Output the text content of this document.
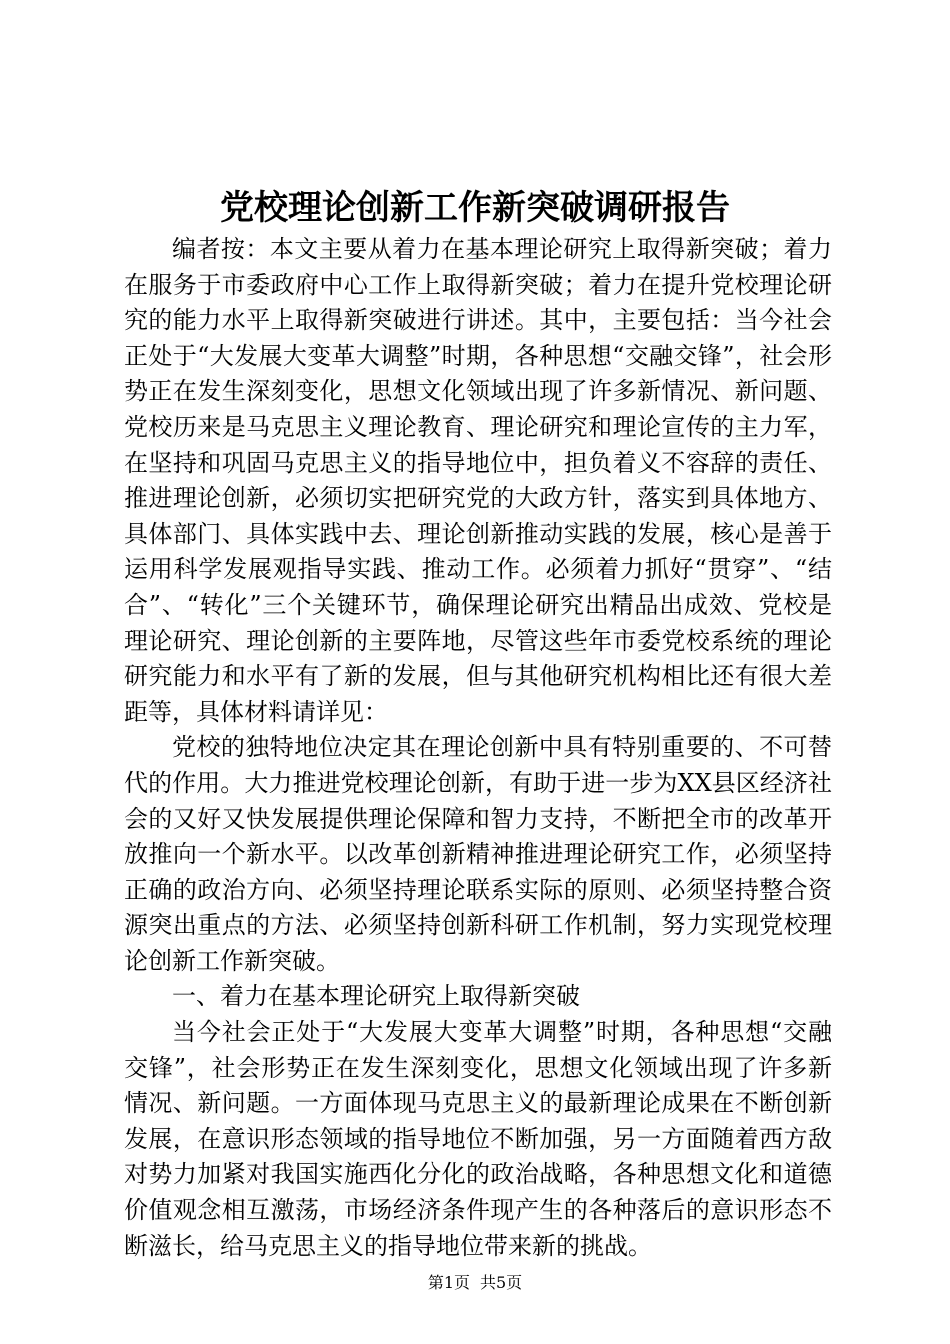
党校理论创新工作新突破调研报告

编者按：本文主要从着力在基本理论研究上取得新突破；着力在服务于市委政府中心工作上取得新突破；着力在提升党校理论研究的能力水平上取得新突破进行讲述。其中，主要包括：当今社会正处于“大发展大变革大调整”时期，各种思想“交融交锋”，社会形势正在发生深刻变化，思想文化领域出现了许多新情况、新问题、党校历来是马克思主义理论教育、理论研究和理论宣传的主力军，在坚持和巩固马克思主义的指导地位中，担负着义不容辞的责任、推进理论创新，必须切实把研究党的大政方针，落实到具体地方、具体部门、具体实践中去、理论创新推动实践的发展，核心是善于运用科学发展观指导实践、推动工作。必须着力抓好“贯穿”、“结合”、“转化”三个关键环节，确保理论研究出精品出成效、党校是理论研究、理论创新的主要阵地，尽管这些年市委党校系统的理论研究能力和水平有了新的发展，但与其他研究机构相比还有很大差距等，具体材料请详见：

党校的独特地位决定其在理论创新中具有特别重要的、不可替代的作用。大力推进党校理论创新，有助于进一步为XX县区经济社会的又好又快发展提供理论保障和智力支持，不断把全市的改革开放推向一个新水平。以改革创新精神推进理论研究工作，必须坚持正确的政治方向、必须坚持理论联系实际的原则、必须坚持整合资源突出重点的方法、必须坚持创新科研工作机制，努力实现党校理论创新工作新突破。

一、着力在基本理论研究上取得新突破

当今社会正处于“大发展大变革大调整”时期，各种思想“交融交锋”，社会形势正在发生深刻变化，思想文化领域出现了许多新情况、新问题。一方面体现马克思主义的最新理论成果在不断创新发展，在意识形态领域的指导地位不断加强，另一方面随着西方敌对势力加紧对我国实施西化分化的政治战略，各种思想文化和道德价值观念相互激荡，市场经济条件现产生的各种落后的意识形态不断滋长，给马克思主义的指导地位带来新的挑战。

第1页 共5页
